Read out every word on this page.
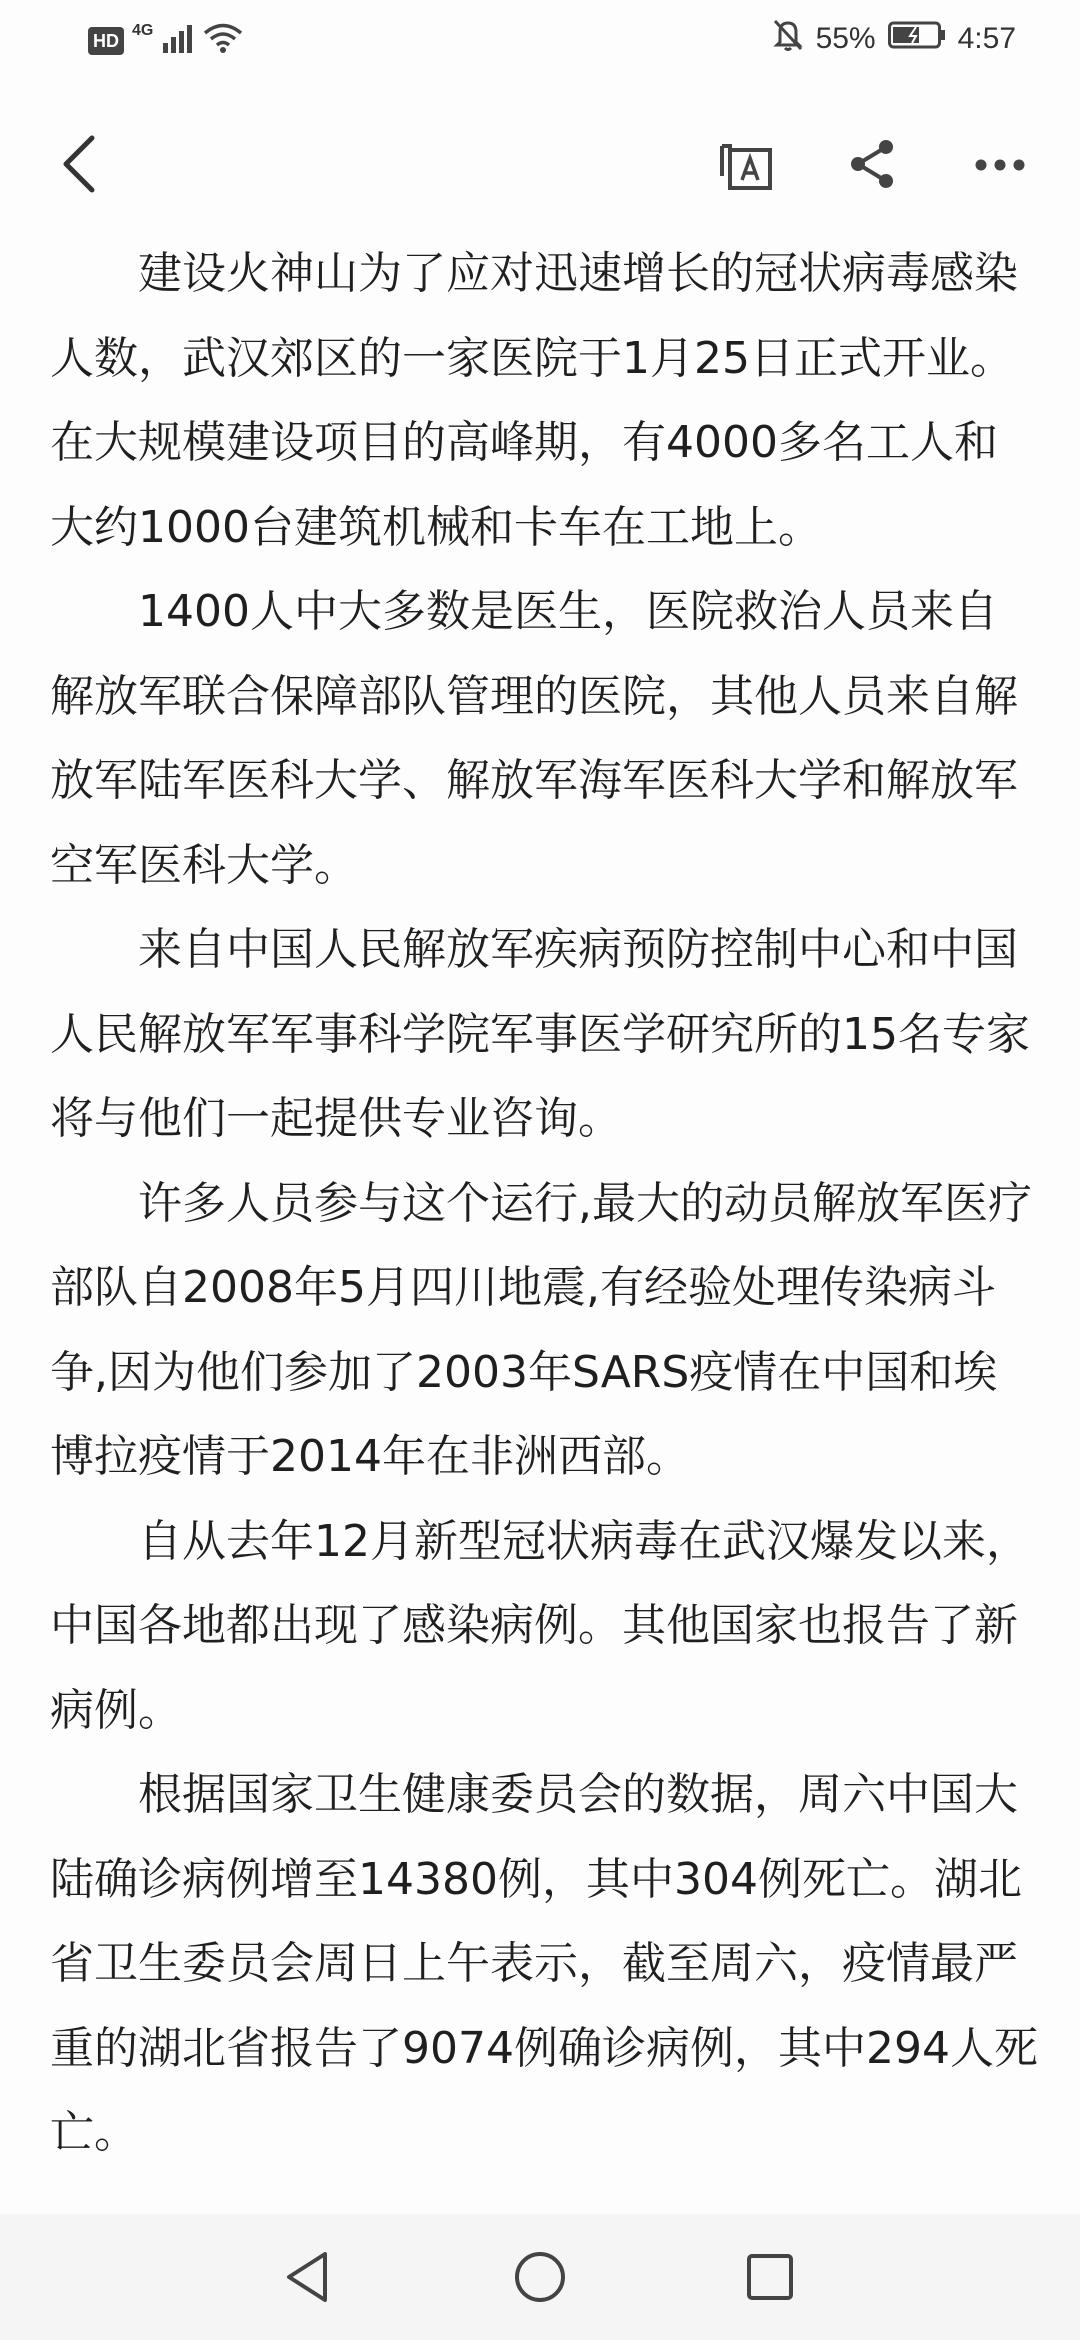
HD
4G	55%	4:57

建设火神山为了应对迅速增长的冠状病毒感染人数，武汉郊区的一家医院于1月25日正式开业。在大规模建设项目的高峰期，有4000多名工人和大约1000台建筑机械和卡车在工地上。

1400人中大多数是医生，医院救治人员来自解放军联合保障部队管理的医院，其他人员来自解放军陆军医科大学、解放军海军医科大学和解放军空军医科大学。

来自中国人民解放军疾病预防控制中心和中国人民解放军军事科学院军事医学研究所的15名专家将与他们一起提供专业咨询。

许多人员参与这个运行,最大的动员解放军医疗部队自2008年5月四川地震,有经验处理传染病斗争,因为他们参加了2003年SARS疫情在中国和埃博拉疫情于2014年在非洲西部。

自从去年12月新型冠状病毒在武汉爆发以来，中国各地都出现了感染病例。其他国家也报告了新病例。

根据国家卫生健康委员会的数据，周六中国大陆确诊病例增至14380例，其中304例死亡。湖北省卫生委员会周日上午表示，截至周六，疫情最严重的湖北省报告了9074例确诊病例，其中294人死亡。
